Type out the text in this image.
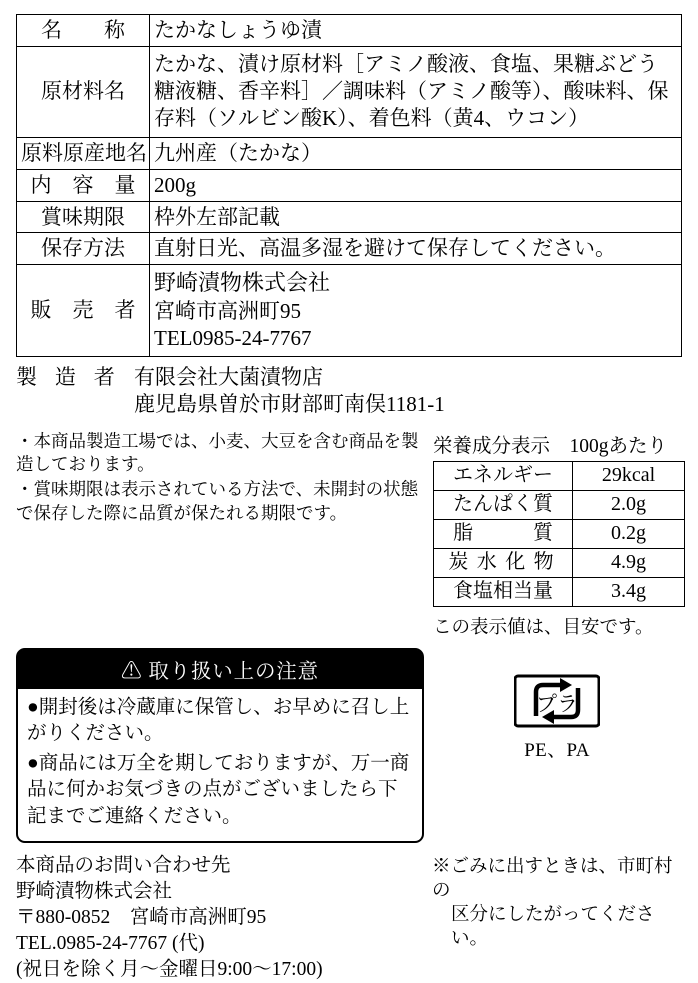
名　　称	たかなしょうゆ漬
原材料名	たかな、漬け原材料［アミノ酸液、食塩、果糖ぶどう糖液糖、香辛料］／調味料（アミノ酸等）、酸味料、保存料（ソルビン酸K）、着色料（黄4、ウコン）
原料原産地名	九州産（たかな）
内　容　量	200g
賞味期限	枠外左部記載
保存方法	直射日光、高温多湿を避けて保存してください。
販　売　者	野崎漬物株式会社
宮崎市高洲町95
TEL0985-24-7767
製 造 者 有限会社大菌漬物店
鹿児島県曽於市財部町南俣1181-1

・本商品製造工場では、小麦、大豆を含む商品を製造しております。

・賞味期限は表示されている方法で、未開封の状態で保存した際に品質が保たれる期限です。

栄養成分表示　100gあたり
エネルギー	29kcal
たんぱく質	2.0g
脂　　　質	0.2g
炭水化物	4.9g
食塩相当量	3.4g
この表示値は、目安です。
⚠ 取り扱い上の注意

●開封後は冷蔵庫に保管し、お早めに召し上がりください。

●商品には万全を期しておりますが、万一商品に何かお気づきの点がございましたら下記までご連絡ください。

プラ
PE、PA
本商品のお問い合わせ先
野崎漬物株式会社
〒880-0852　宮崎市高洲町95
TEL.0985-24-7767 (代)
(祝日を除く月〜金曜日9:00〜17:00)
※ごみに出すときは、市町村の
区分にしたがってください。
